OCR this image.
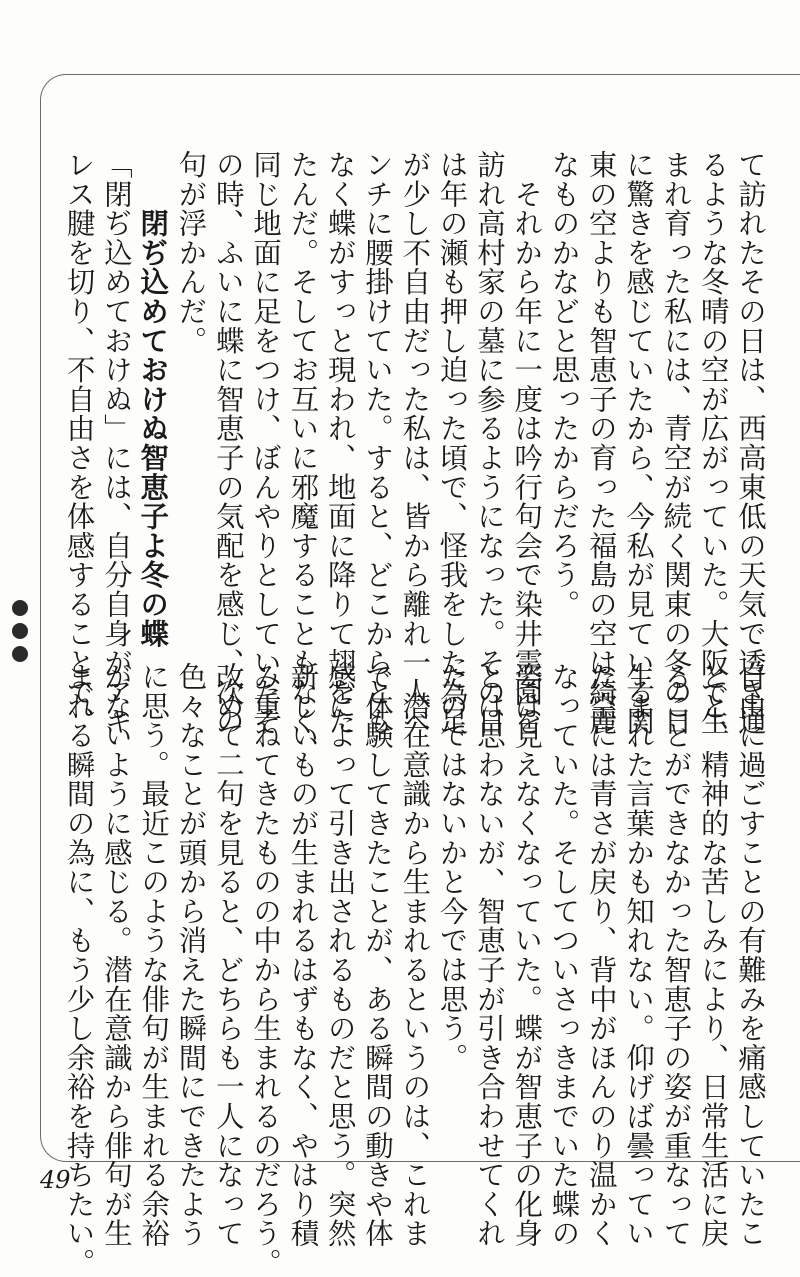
て訪れたその日は、西高東低の天気で透き通
るような冬晴の空が広がっていた。大阪で生
まれ育った私には、青空が続く関東の冬の日
に驚きを感じていたから、今私が見ている関
東の空よりも智恵子の育った福島の空は綺麗
なものかなどと思ったからだろう。
　それから年に一度は吟行句会で染井霊園を
訪れ高村家の墓に参るようになった。その日
は年の瀬も押し迫った頃で、怪我をした為足
が少し不自由だった私は、皆から離れ一人ベ
ンチに腰掛けていた。すると、どこからとも
なく蝶がすっと現われ、地面に降りて翅をた
たんだ。そしてお互いに邪魔することもなく、
同じ地面に足をつけ、ぼんやりとしていたそ
の時、ふいに蝶に智恵子の気配を感じ、次の
句が浮かんだ。
　　閉ぢ込めておけぬ智恵子よ冬の蝶
「閉ぢ込めておけぬ」には、自分自身がアキ
レス腱を切り、不自由さを体感することで、
自由に過ごすことの有難みを痛感していたこ
とと、精神的な苦しみにより、日常生活に戻
ることができなかった智恵子の姿が重なって
生まれた言葉かも知れない。仰げば曇ってい
た空には青さが戻り、背中がほんのり温かく
なっていた。そしてついさっきまでいた蝶の
姿は見えなくなっていた。蝶が智恵子の化身
とは思わないが、智恵子が引き合わせてくれ
たのではないかと今では思う。
　潜在意識から生まれるというのは、これま
で体験してきたことが、ある瞬間の動きや体
感によって引き出されるものだと思う。突然
新しいものが生まれるはずもなく、やはり積
み重ねてきたものの中から生まれるのだろう。
改めて二句を見ると、どちらも一人になって
色々なことが頭から消えた瞬間にできたよう
に思う。最近このような俳句が生まれる余裕
がないように感じる。潜在意識から俳句が生
まれる瞬間の為に、もう少し余裕を持ちたい。
49
